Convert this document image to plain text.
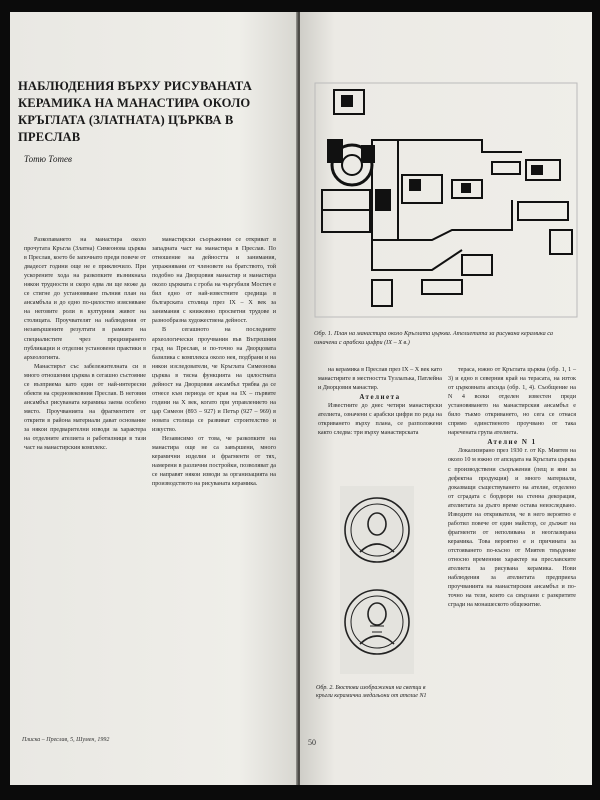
НАБЛЮДЕНИЯ ВЪРХУ РИСУВАНАТА КЕРАМИКА НА МАНАСТИРА ОКОЛО КРЪГЛАТА (ЗЛАТНАТА) ЦЪРКВА В ПРЕСЛАВ
Тотю Тотев

Разкопаването на манастира около прочутата Кръгла (Златна) Симеонова църква в Преслав, което бе започнато преди повече от двадесет години още не е приключило. При ускорените хода на разкопките възникнаха някои трудности и скоро едва ли ще може да се стигне до установяване пълния план на ансамбъла и до едно по-цялостно изясняване на неговите роли в културния живот на столицата. Проучвателят на наблюдения от незавършените резултати в рамките на специалистите чрез прецизирането публикации и отделни установени практики в археологията.

Манастирът със забележителната си в много отношения църква в сегашно състояние се възприема като един от най-интересни обекти на средновековния Преслав. В неговия ансамбъл рисуваната керамика заема особено място. Проучванията на фрагментите от открити в района материали дават основание за някои предварителни изводи за характера на отделните ателиета и работилници в тази част на манастирския комплекс.

манастирски съоръжения се откриват в западната част на манастира в Преслав. По отношение на дейността и занимания, упражнявани от членовете на братството, той подобно на Дворцовия манастир и манастира около църквата с гроба на чъргубиля Мостич е бил едно от най-известните средища в българската столица през IX – X век за занимания с книжовно просветни трудове и разнообразна художествена дейност.

В сегашното на последните археологически проучвания във Вътрешния град на Преслав, и по-точно на Дворцовата базилика с комплекса около нея, подбрани и на някои изследователи, че Кръглата Симеонова църква в тясна функцията на цялостната дейност на Дворцовия ансамбъл трябва да се отнесе към периода от края на IX – първите години на X век, когато при управлението на цар Симеон (893 – 927) и Петър (927 – 969) в новата столица се развиват строителство и изкуство.

Независимо от това, че разкопките на манастира още не са завършени, много керамични изделия и фрагменти от тях, намерени в различни постройки, позволяват да се направят някои изводи за организацията на производството на рисуваната керамика.

Плиска – Преслав, 5, Шумен, 1992
Обр. 1. План на манастира около Кръглата църква. Ателиетата за рисувана керамика са означени с арабски цифри (IX – X в.)

на керамика в Преслав през IX – X век като манастирите в местността Тузлалъка, Патлейна и Дворцовия манастир.

Ателиета

Известните до днес четири манастирски ателиета, означени с арабски цифри по реда на откриването върху плана, се разположени както следва: три върху манастирската

тераса, южно от Кръглата църква (обр. 1, 1 – 3) и едно в северния край на терасата, на изток от църковната апсида (обр. 1, 4). Съобщение на N 4 всеки отделен известен преди установяването на манастирския ансамбъл е било тъкмо откриването, но сега се отнася спрямо единственото проучвано от така наречената група ателиета.

Ателие N 1

Локализирано през 1930 г. от Кр. Миятев на около 10 м южно от апсидата на Кръглата църква с производствени съоръжения (пещ и ями за дефектна продукция) и много материали, доказващи съществуването на ателие, отделено от сградата с бордюри на стенна декорация, ателиетата за дълго време остава неизследвано. Изводите на откривателя, че в него вероятно е работил повече от един майстор, се дължат на фрагменти от неполивана и неоглазирана керамика. Това вероятно е и причината за отстояването по-късно от Миятев твърдение относно временния характер на преславските ателиета за рисувана керамика. Нови наблюдения за ателиетата предприеха проучванията на манастирския ансамбъл и по-точно на тези, които са свързани с разкритите сгради на монашеското общежитие.

Обр. 2. Бюстови изображения на светци в кръгли керамични медальони от ателие N1
50
